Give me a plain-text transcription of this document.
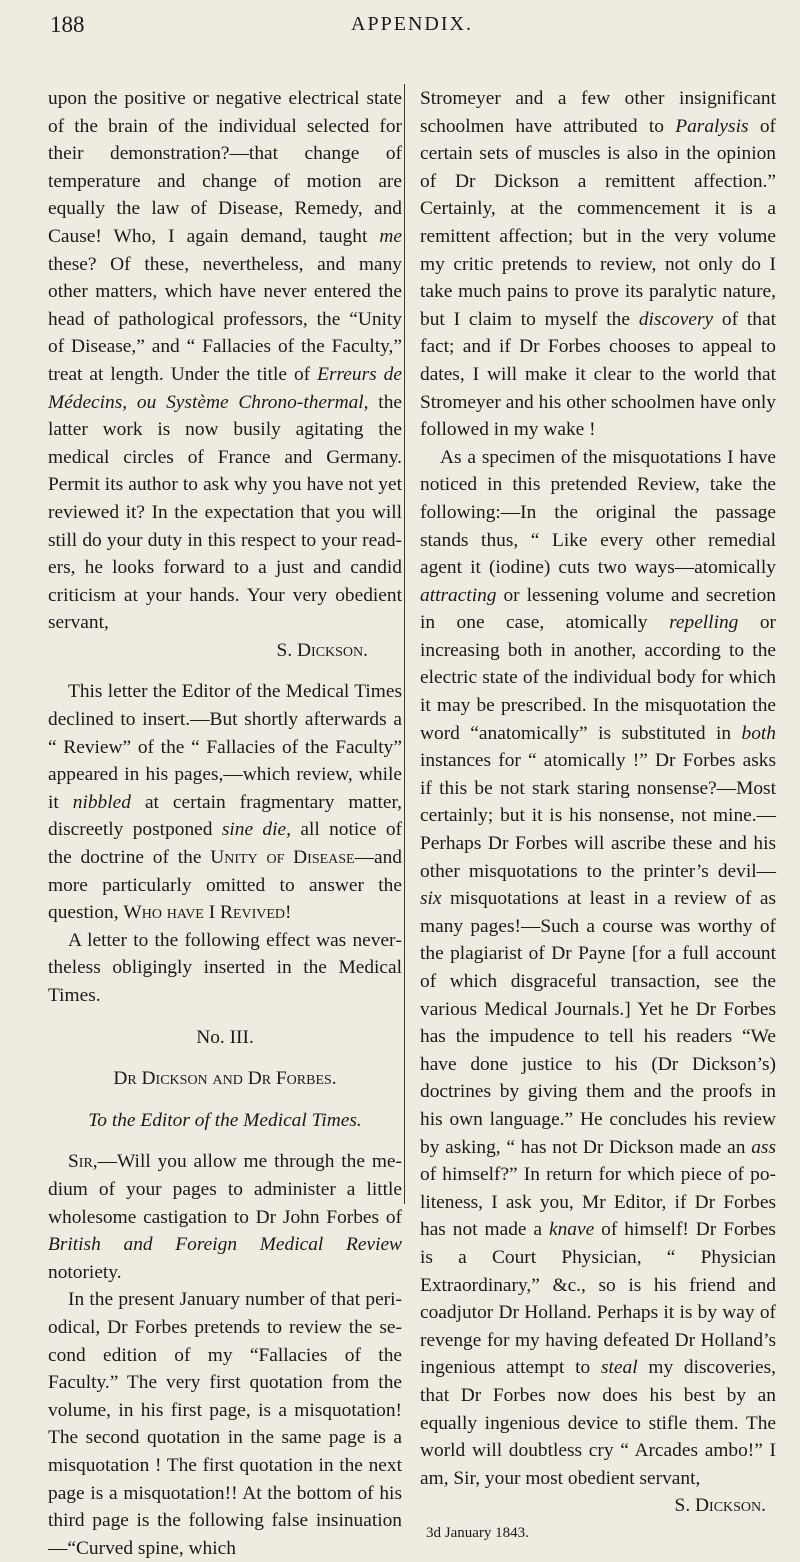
188	APPENDIX.

upon the positive or negative electrical state of the brain of the individual selected for their demonstration?—that change of temperature and change of motion are equally the law of Disease, Remedy, and Cause! Who, I again demand, taught me these? Of these, nevertheless, and many other matters, which have never entered the head of pathological professors, the “Unity of Disease,” and “ Fallacies of the Faculty,” treat at length. Under the title of Erreurs de Médecins, ou Système Chrono-thermal, the latter work is now busily agitating the medical circles of France and Germany. Permit its author to ask why you have not yet reviewed it? In the expectation that you will still do your duty in this respect to your readers, he looks forward to a just and candid criticism at your hands. Your very obedient servant,

S. Dickson.

This letter the Editor of the Medical Times declined to insert.—But shortly afterwards a “ Review” of the “ Fallacies of the Faculty” appeared in his pages,—which review, while it nibbled at certain fragmentary matter, discreetly postponed sine die, all notice of the doctrine of the Unity of Disease—and more particularly omitted to answer the question, Who have I Revived!

A letter to the following effect was nevertheless obligingly inserted in the Medical Times.

No. III.

Dr Dickson and Dr Forbes.

To the Editor of the Medical Times.

Sir,—Will you allow me through the medium of your pages to administer a little wholesome castigation to Dr John Forbes of British and Foreign Medical Review notoriety.

In the present January number of that periodical, Dr Forbes pretends to review the second edition of my “Fallacies of the Faculty.” The very first quotation from the volume, in his first page, is a misquotation! The second quotation in the same page is a misquotation ! The first quotation in the next page is a misquotation!! At the bottom of his third page is the following false insinuation—“Curved spine, which

Stromeyer and a few other insignificant schoolmen have attributed to Paralysis of certain sets of muscles is also in the opinion of Dr Dickson a remittent affection.” Certainly, at the commencement it is a remittent affection; but in the very volume my critic pretends to review, not only do I take much pains to prove its paralytic nature, but I claim to myself the discovery of that fact; and if Dr Forbes chooses to appeal to dates, I will make it clear to the world that Stromeyer and his other schoolmen have only followed in my wake !

As a specimen of the misquotations I have noticed in this pretended Review, take the following:—In the original the passage stands thus, “ Like every other remedial agent it (iodine) cuts two ways—atomically attracting or lessening volume and secretion in one case, atomically repelling or increasing both in another, according to the electric state of the individual body for which it may be prescribed. In the misquotation the word “anatomically” is substituted in both instances for “ atomically !” Dr Forbes asks if this be not stark staring nonsense?—Most certainly; but it is his nonsense, not mine.—Perhaps Dr Forbes will ascribe these and his other misquotations to the printer’s devil—six misquotations at least in a review of as many pages!—Such a course was worthy of the plagiarist of Dr Payne [for a full account of which disgraceful transaction, see the various Medical Journals.] Yet he Dr Forbes has the impudence to tell his readers “We have done justice to his (Dr Dickson’s) doctrines by giving them and the proofs in his own language.” He concludes his review by asking, “ has not Dr Dickson made an ass of himself?” In return for which piece of politeness, I ask you, Mr Editor, if Dr Forbes has not made a knave of himself! Dr Forbes is a Court Physician, “ Physician Extraordinary,” &c., so is his friend and coadjutor Dr Holland. Perhaps it is by way of revenge for my having defeated Dr Holland’s ingenious attempt to steal my discoveries, that Dr Forbes now does his best by an equally ingenious device to stifle them. The world will doubtless cry “ Arcades ambo!” I am, Sir, your most obedient servant,

S. Dickson.

3d January 1843.
